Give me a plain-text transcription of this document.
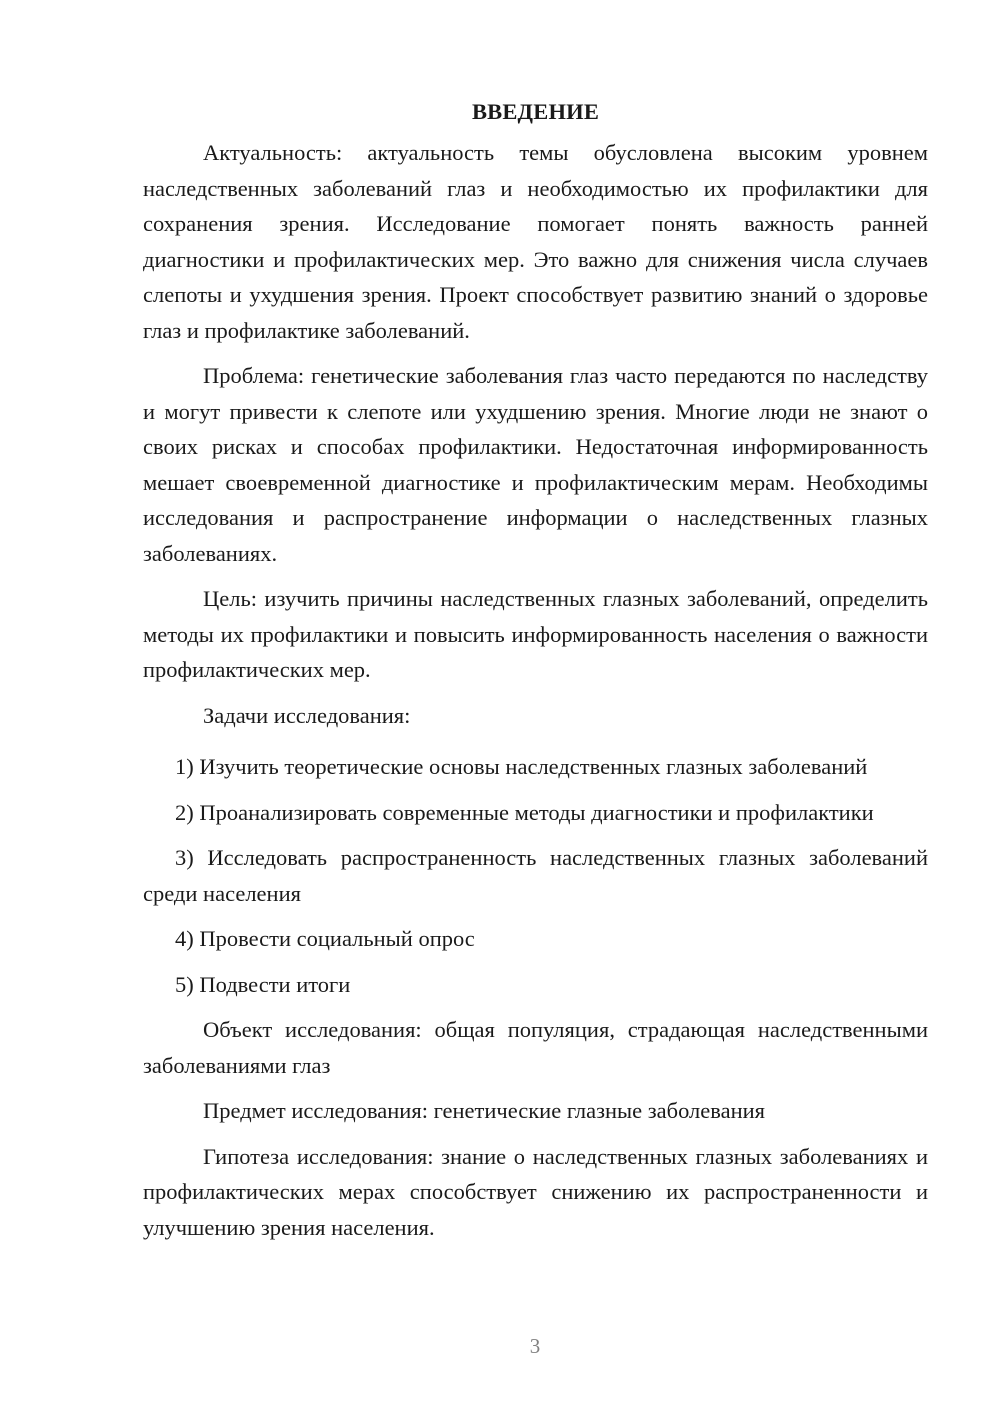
ВВЕДЕНИЕ

Актуальность: актуальность темы обусловлена высоким уровнем наследственных заболеваний глаз и необходимостью их профилактики для сохранения зрения. Исследование помогает понять важность ранней диагностики и профилактических мер. Это важно для снижения числа случаев слепоты и ухудшения зрения. Проект способствует развитию знаний о здоровье глаз и профилактике заболеваний.

Проблема: генетические заболевания глаз часто передаются по наследству и могут привести к слепоте или ухудшению зрения. Многие люди не знают о своих рисках и способах профилактики. Недостаточная информированность мешает своевременной диагностике и профилактическим мерам. Необходимы исследования и распространение информации о наследственных глазных заболеваниях.

Цель: изучить причины наследственных глазных заболеваний, определить методы их профилактики и повысить информированность населения о важности профилактических мер.

Задачи исследования:

1) Изучить теоретические основы наследственных глазных заболеваний

2) Проанализировать современные методы диагностики и профилактики

3) Исследовать распространенность наследственных глазных заболеваний среди населения

4) Провести социальный опрос

5) Подвести итоги

Объект исследования: общая популяция, страдающая наследственными заболеваниями глаз

Предмет исследования: генетические глазные заболевания

Гипотеза исследования: знание о наследственных глазных заболеваниях и профилактических мерах способствует снижению их распространенности и улучшению зрения населения.

3
